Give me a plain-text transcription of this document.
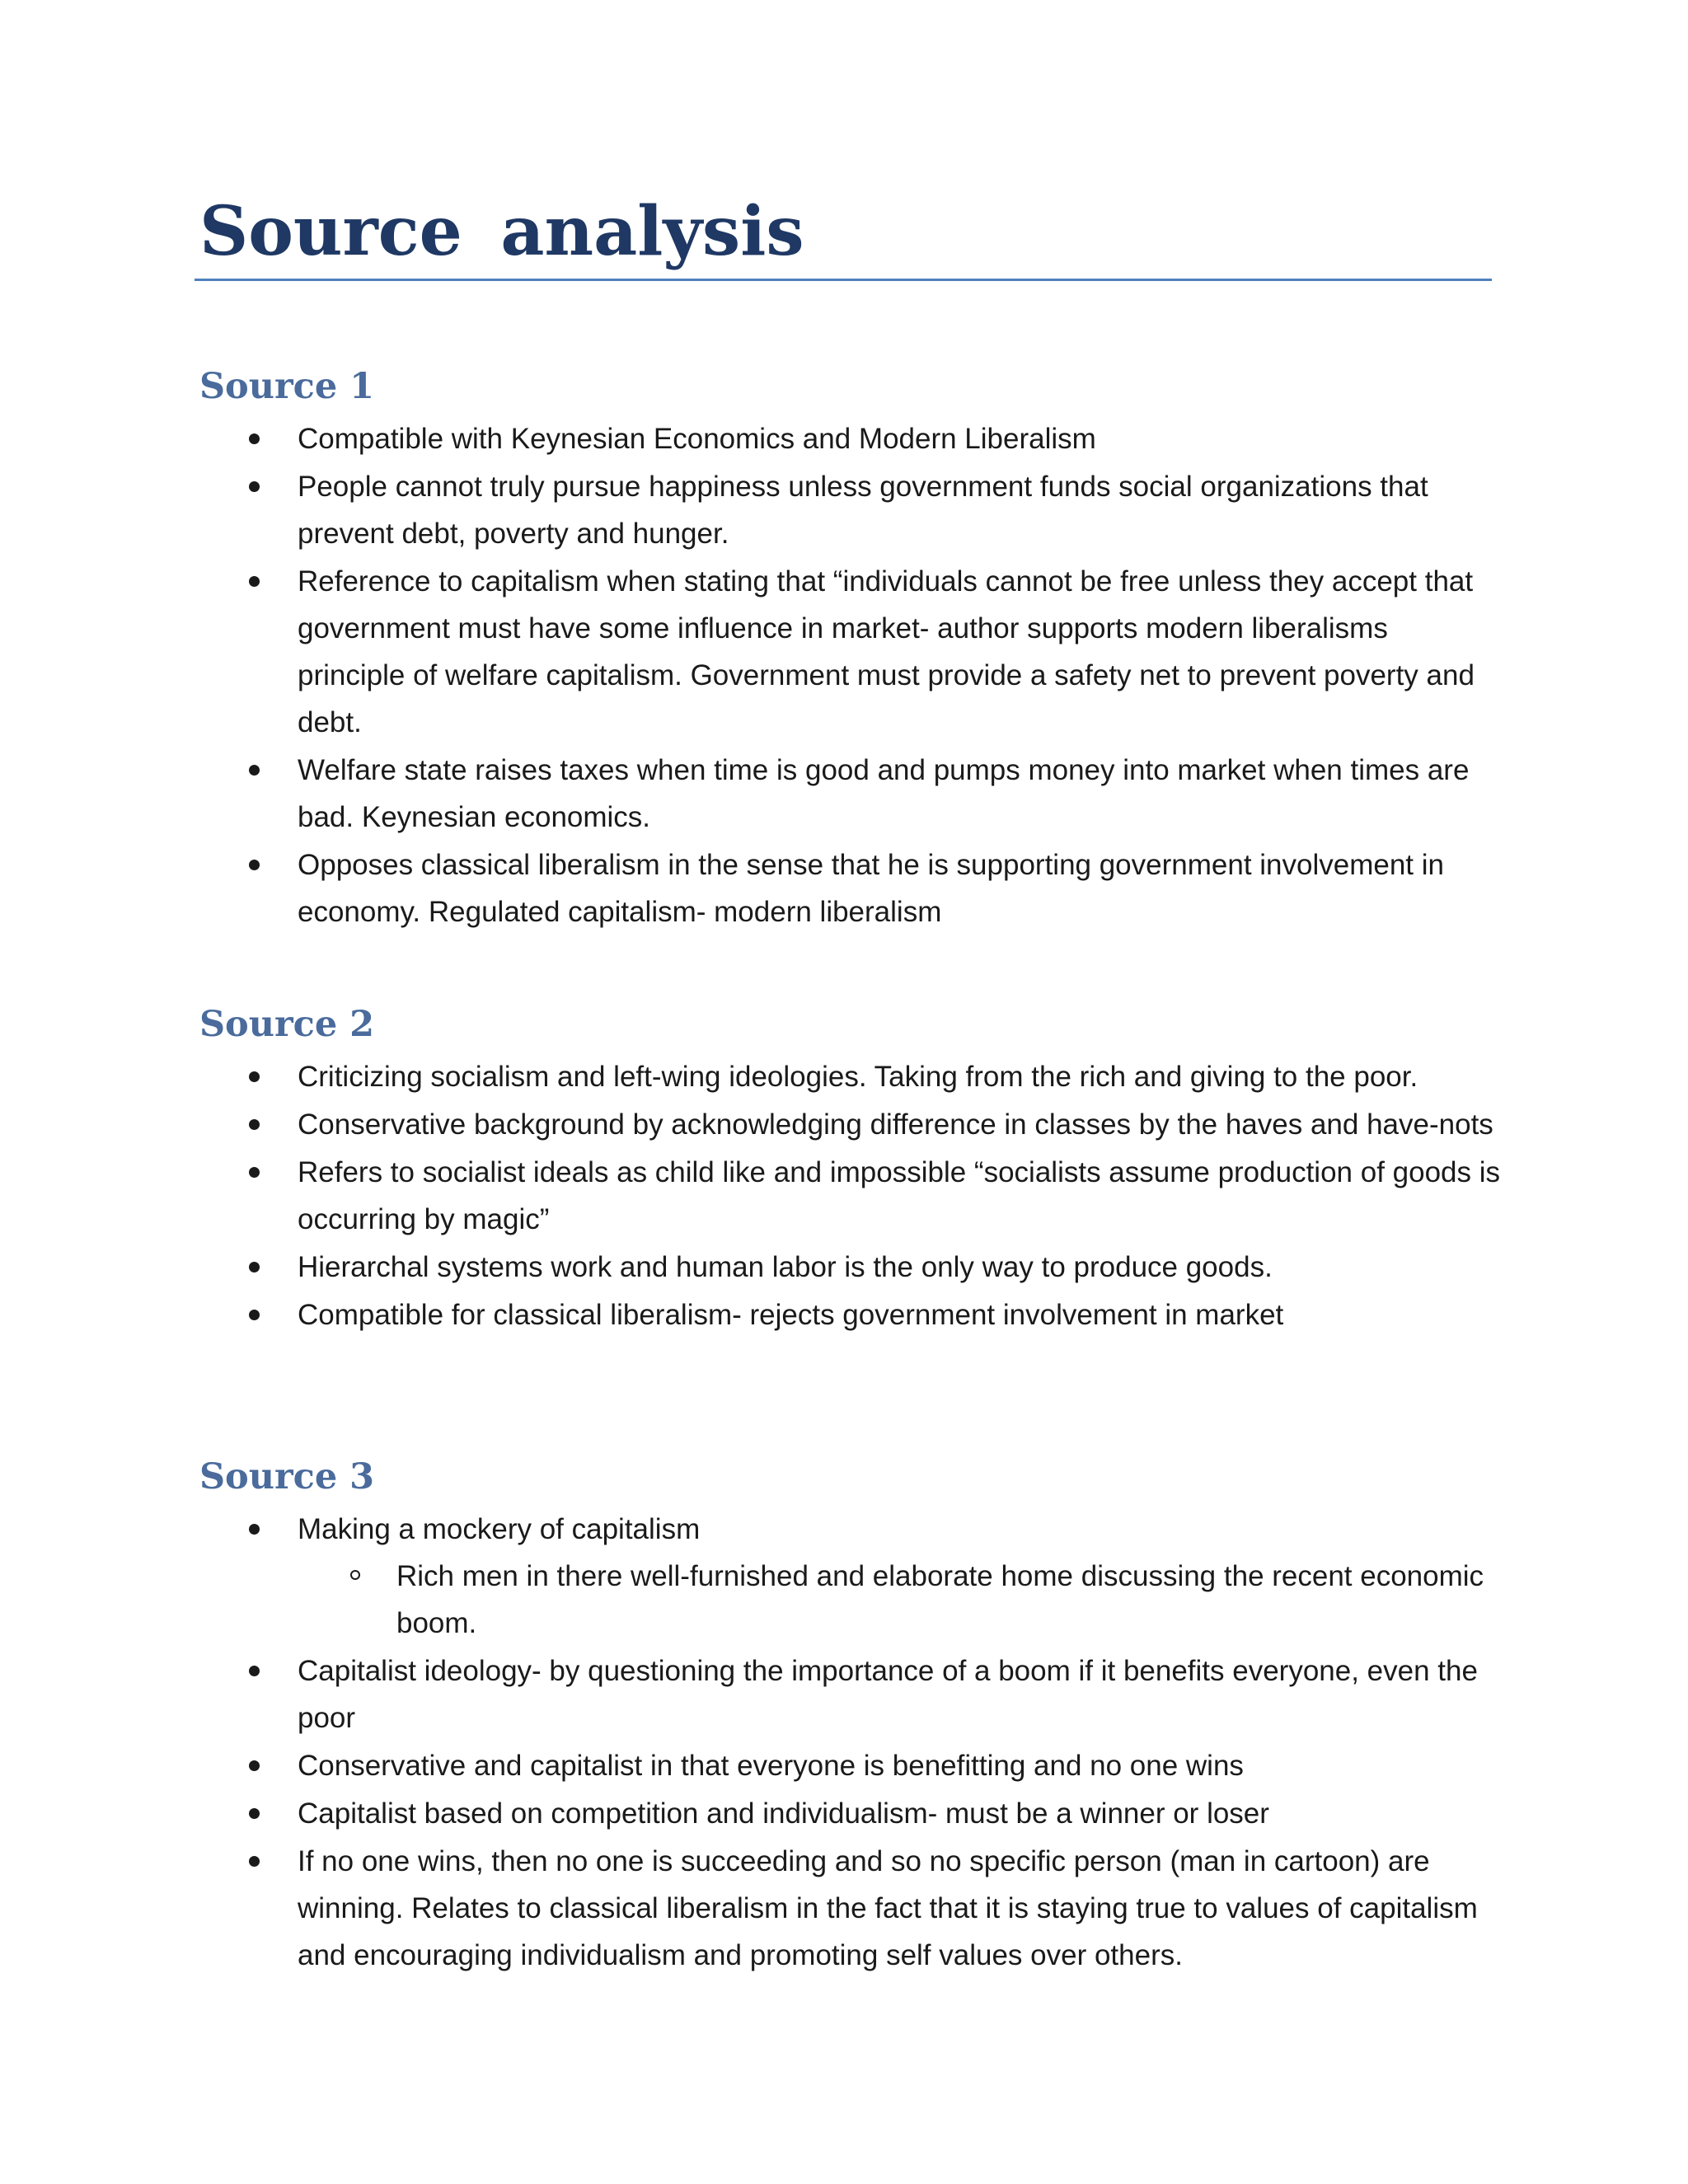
Source analysis
Source 1
Compatible with Keynesian Economics and Modern Liberalism
People cannot truly pursue happiness unless government funds social organizations that prevent debt, poverty and hunger.
Reference to capitalism when stating that “individuals cannot be free unless they accept that government must have some influence in market- author supports modern liberalisms principle of welfare capitalism. Government must provide a safety net to prevent poverty and debt.
Welfare state raises taxes when time is good and pumps money into market when times are bad. Keynesian economics.
Opposes classical liberalism in the sense that he is supporting government involvement in economy. Regulated capitalism- modern liberalism
Source 2
Criticizing socialism and left-wing ideologies. Taking from the rich and giving to the poor.
Conservative background by acknowledging difference in classes by the haves and have-nots
Refers to socialist ideals as child like and impossible “socialists assume production of goods is occurring by magic”
Hierarchal systems work and human labor is the only way to produce goods.
Compatible for classical liberalism- rejects government involvement in market
Source 3
Making a mockery of capitalism
Rich men in there well-furnished and elaborate home discussing the recent economic boom.
Capitalist ideology- by questioning the importance of a boom if it benefits everyone, even the poor
Conservative and capitalist in that everyone is benefitting and no one wins
Capitalist based on competition and individualism- must be a winner or loser
If no one wins, then no one is succeeding and so no specific person (man in cartoon) are winning. Relates to classical liberalism in the fact that it is staying true to values of capitalism and encouraging individualism and promoting self values over others.
